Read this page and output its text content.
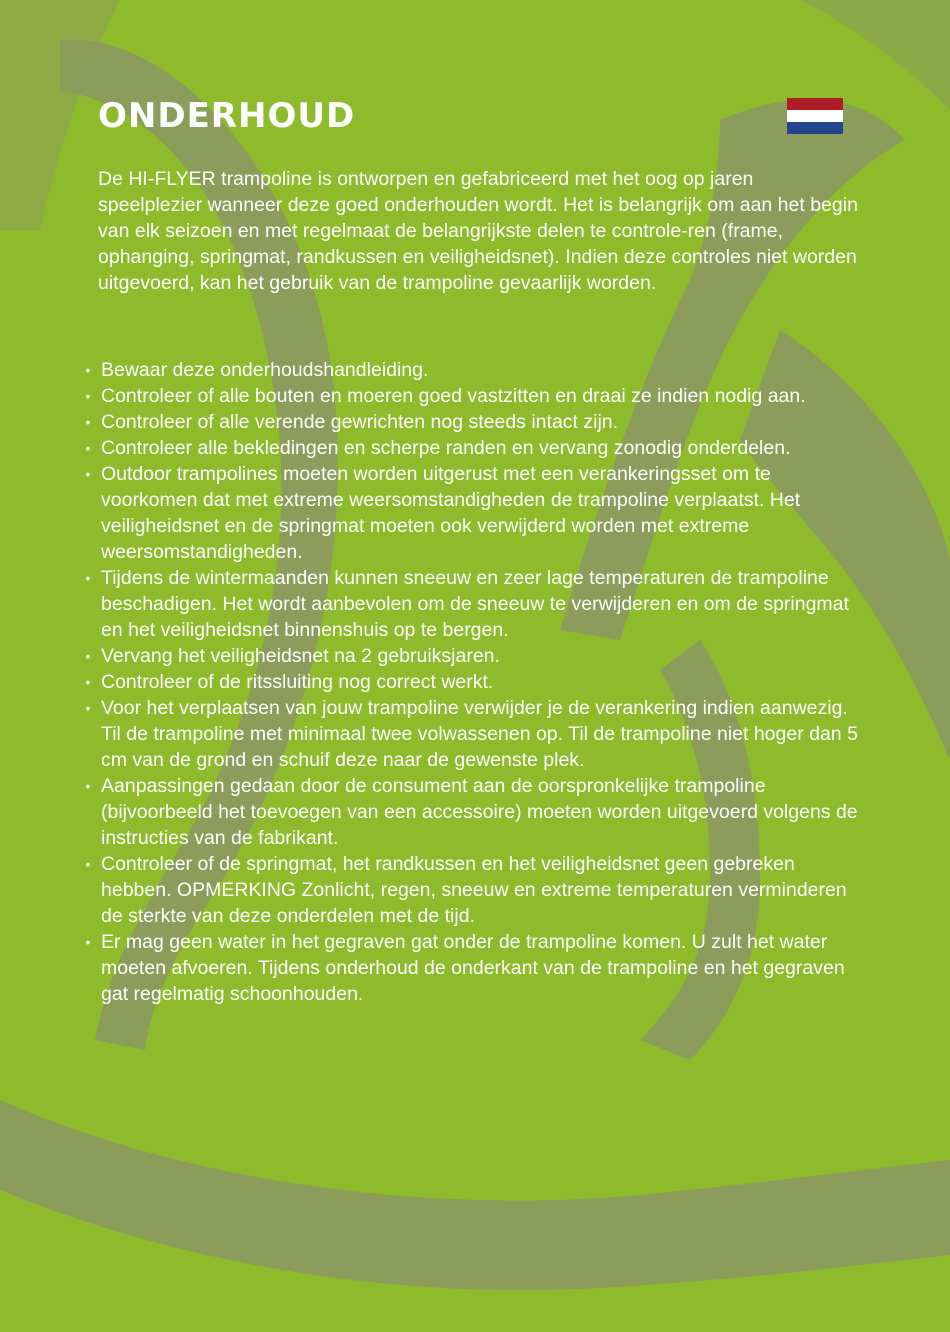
ONDERHOUD

De HI-FLYER trampoline is ontworpen en gefabriceerd met het oog op jaren speelplezier wanneer deze goed onderhouden wordt. Het is belangrijk om aan het begin van elk seizoen en met regelmaat de belangrijkste delen te controle-ren (frame, ophanging, springmat, randkussen en veiligheidsnet). Indien deze controles niet worden uitgevoerd, kan het gebruik van de trampoline gevaarlijk worden.

• Bewaar deze onderhoudshandleiding.
• Controleer of alle bouten en moeren goed vastzitten en draai ze indien nodig aan.
• Controleer of alle verende gewrichten nog steeds intact zijn.
• Controleer alle bekledingen en scherpe randen en vervang zonodig onderdelen.
• Outdoor trampolines moeten worden uitgerust met een verankeringsset om te voorkomen dat met extreme weersomstandigheden de trampoline verplaatst. Het veiligheidsnet en de springmat moeten ook verwijderd worden met extreme weersomstandigheden.
• Tijdens de wintermaanden kunnen sneeuw en zeer lage temperaturen de trampoline beschadigen. Het wordt aanbevolen om de sneeuw te verwijderen en om de springmat en het veiligheidsnet binnenshuis op te bergen.
• Vervang het veiligheidsnet na 2 gebruiksjaren.
• Controleer of de ritssluiting nog correct werkt.
• Voor het verplaatsen van jouw trampoline verwijder je de verankering indien aanwezig. Til de trampoline met minimaal twee volwassenen op. Til de trampoline niet hoger dan 5 cm van de grond en schuif deze naar de gewenste plek.
• Aanpassingen gedaan door de consument aan de oorspronkelijke trampoline (bijvoorbeeld het toevoegen van een accessoire) moeten worden uitgevoerd volgens de instructies van de fabrikant.
• Controleer of de springmat, het randkussen en het veiligheidsnet geen gebreken hebben. OPMERKING Zonlicht, regen, sneeuw en extreme temperaturen verminderen de sterkte van deze onderdelen met de tijd.
• Er mag geen water in het gegraven gat onder de trampoline komen. U zult het water moeten afvoeren. Tijdens onderhoud de onderkant van de trampoline en het gegraven gat regelmatig schoonhouden.
